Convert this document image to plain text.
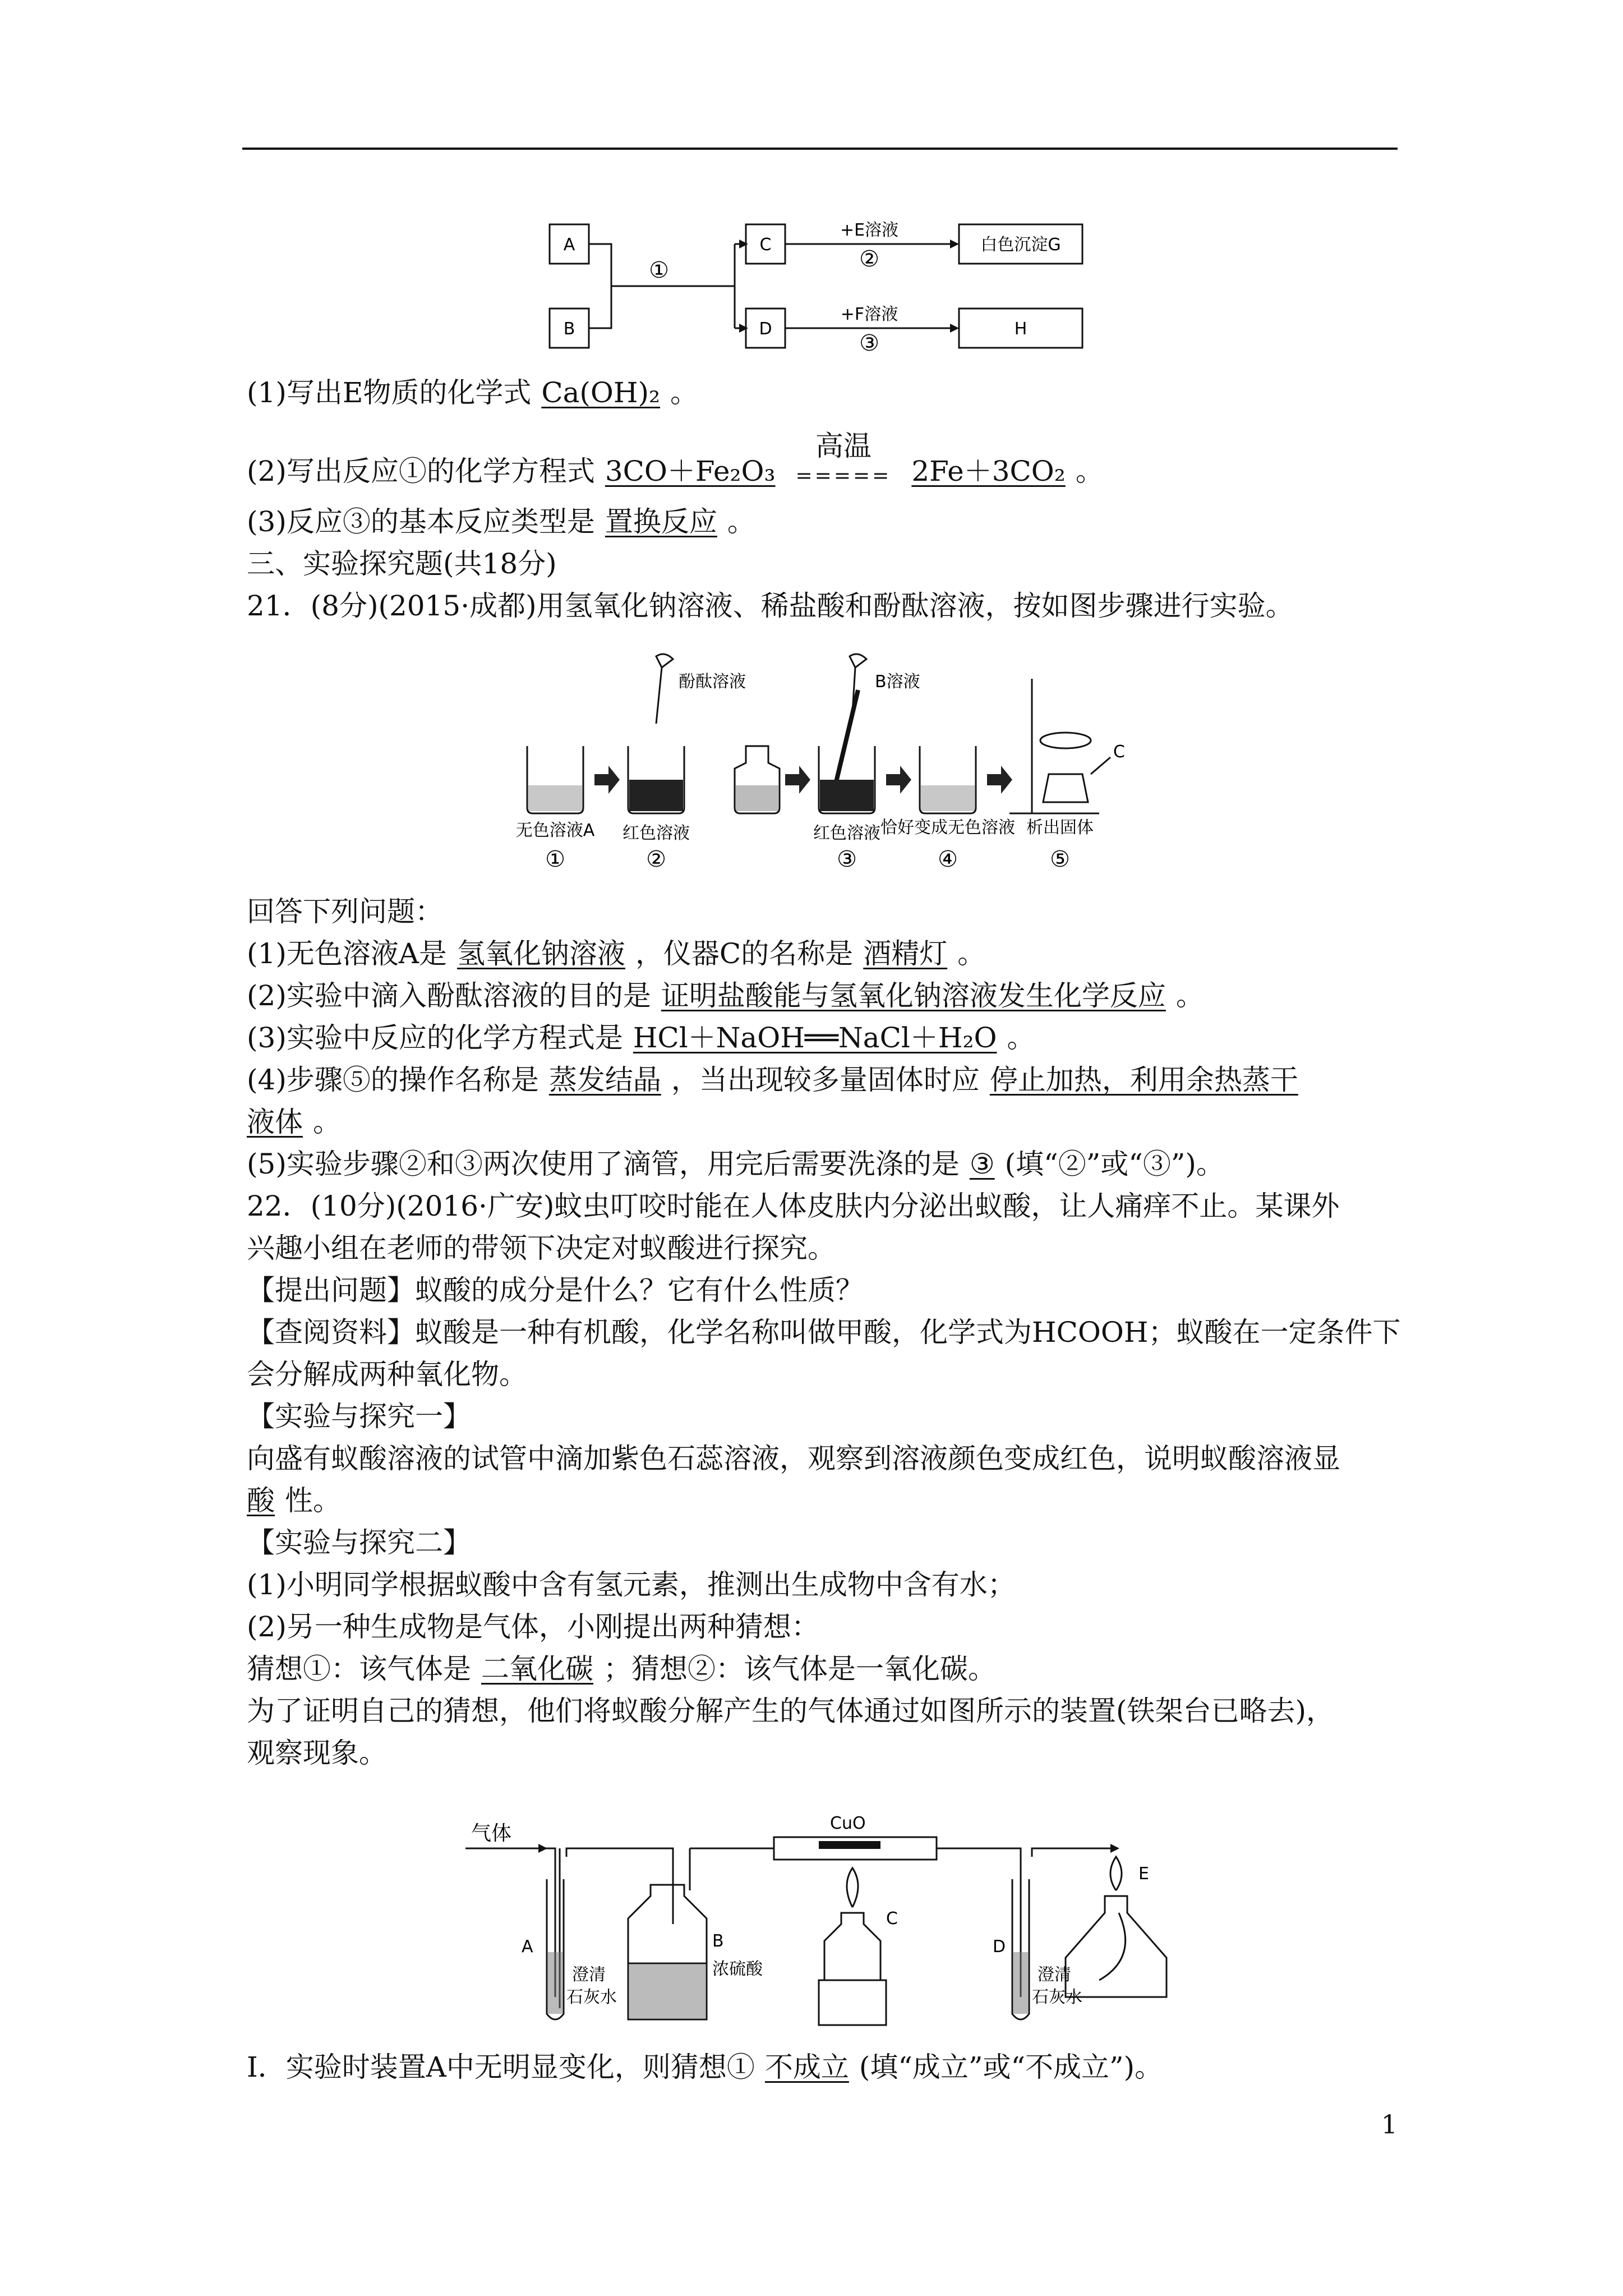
A
B
C
D
①
+E溶液
②
+F溶液
③
白色沉淀G
H
(1)写出E物质的化学式 Ca(OH)₂ 。
(2)写出反应①的化学方程式 3CO＋Fe₂O₃
高温
===== 2Fe＋3CO₂ 。
(3)反应③的基本反应类型是 置换反应 。
三、实验探究题(共18分)
21．(8分)(2015·成都)用氢氧化钠溶液、稀盐酸和酚酞溶液，按如图步骤进行实验。
酚酞溶液	B溶液
C
无色溶液A 红色溶液	红色溶液 恰好变成无色溶液 析出固体
①	②	③	④	⑤
回答下列问题：
(1)无色溶液A是 氢氧化钠溶液 ，仪器C的名称是 酒精灯 。
(2)实验中滴入酚酞溶液的目的是 证明盐酸能与氢氧化钠溶液发生化学反应 。
(3)实验中反应的化学方程式是 HCl＋NaOH══NaCl＋H₂O 。
(4)步骤⑤的操作名称是 蒸发结晶 ，当出现较多量固体时应 停止加热，利用余热蒸干
液体 。
(5)实验步骤②和③两次使用了滴管，用完后需要洗涤的是 ③ (填“②”或“③”)。
22．(10分)(2016·广安)蚊虫叮咬时能在人体皮肤内分泌出蚁酸，让人痛痒不止。某课外
兴趣小组在老师的带领下决定对蚁酸进行探究。
【提出问题】蚁酸的成分是什么？它有什么性质？
【查阅资料】蚁酸是一种有机酸，化学名称叫做甲酸，化学式为HCOOH；蚁酸在一定条件下
会分解成两种氧化物。
【实验与探究一】
向盛有蚁酸溶液的试管中滴加紫色石蕊溶液，观察到溶液颜色变成红色，说明蚁酸溶液显
酸 性。
【实验与探究二】
(1)小明同学根据蚁酸中含有氢元素，推测出生成物中含有水；
(2)另一种生成物是气体，小刚提出两种猜想：
猜想①：该气体是 二氧化碳 ；猜想②：该气体是一氧化碳。
为了证明自己的猜想，他们将蚁酸分解产生的气体通过如图所示的装置(铁架台已略去)，
观察现象。
气体	CuO
A	B
C
D
E
澄清
石灰水
浓硫酸	澄清
石灰水
Ⅰ．实验时装置A中无明显变化，则猜想① 不成立 (填“成立”或“不成立”)。
1
